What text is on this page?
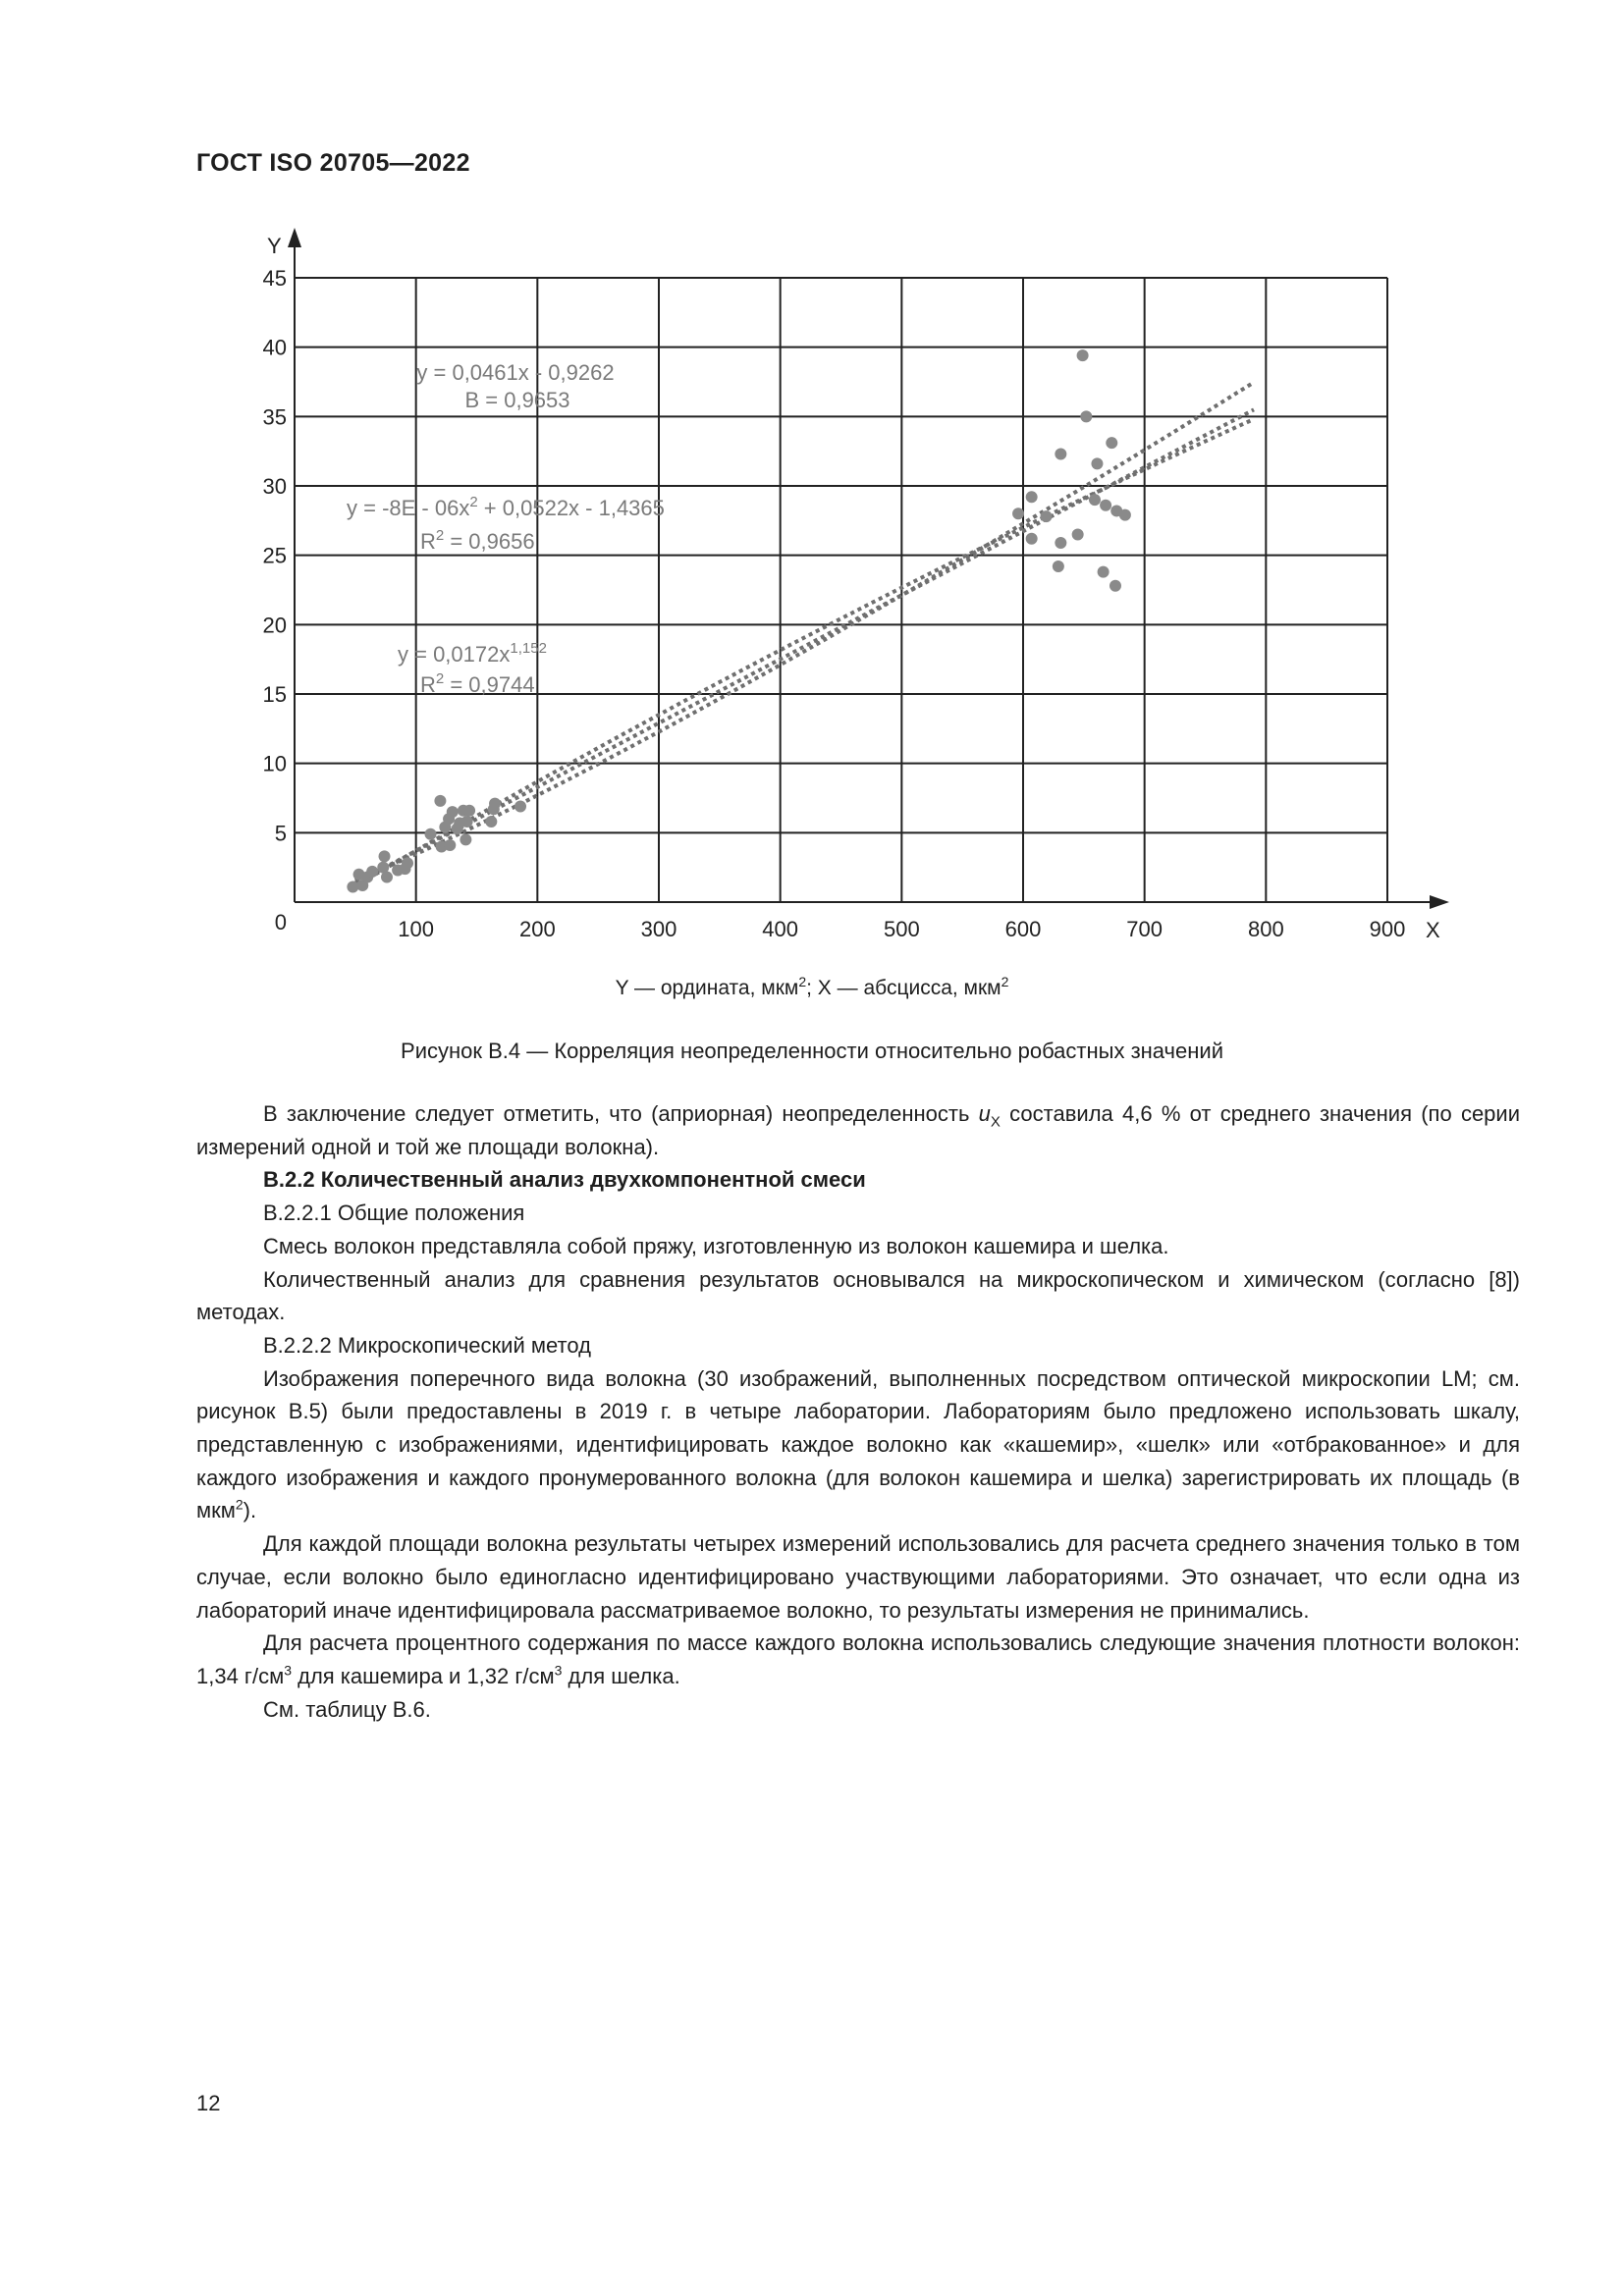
ГОСТ ISO 20705—2022
100	200	300	400	500	600	700	800	900
0
5
10
15
20
25
30
35
40
45
y = 0,0461x - 0,9262
B = 0,9653
$y = -8E - 06x^2 + 0,0522x - 1,4365$
$R^2 = 0,9656$
$y = 0,0172x^{1,152}$
$R^2 = 0,9744$
Y
X
Y — ордината, мкм$^2$; X — абсцисса, мкм$^2$
Рисунок В.4 — Корреляция неопределенности относительно робастных значений

В заключение следует отметить, что (априорная) неопределенность $u_X$ составила 4,6 % от среднего значения (по серии измерений одной и той же площади волокна).

В.2.2 Количественный анализ двухкомпонентной смеси

В.2.2.1 Общие положения

Смесь волокон представляла собой пряжу, изготовленную из волокон кашемира и шелка.

Количественный анализ для сравнения результатов основывался на микроскопическом и химическом (согласно [8]) методах.

В.2.2.2 Микроскопический метод

Изображения поперечного вида волокна (30 изображений, выполненных посредством оптической микроскопии LM; см. рисунок В.5) были предоставлены в 2019 г. в четыре лаборатории. Лабораториям было предложено использовать шкалу, представленную с изображениями, идентифицировать каждое волокно как «кашемир», «шелк» или «отбракованное» и для каждого изображения и каждого пронумерованного волокна (для волокон кашемира и шелка) зарегистрировать их площадь (в мкм$^2$).

Для каждой площади волокна результаты четырех измерений использовались для расчета среднего значения только в том случае, если волокно было единогласно идентифицировано участвующими лабораториями. Это означает, что если одна из лабораторий иначе идентифицировала рассматриваемое волокно, то результаты измерения не принимались.

Для расчета процентного содержания по массе каждого волокна использовались следующие значения плотности волокон: 1,34 $г/см^3$ для кашемира и 1,32 $г/см^3$ для шелка.

См. таблицу В.6.

12
